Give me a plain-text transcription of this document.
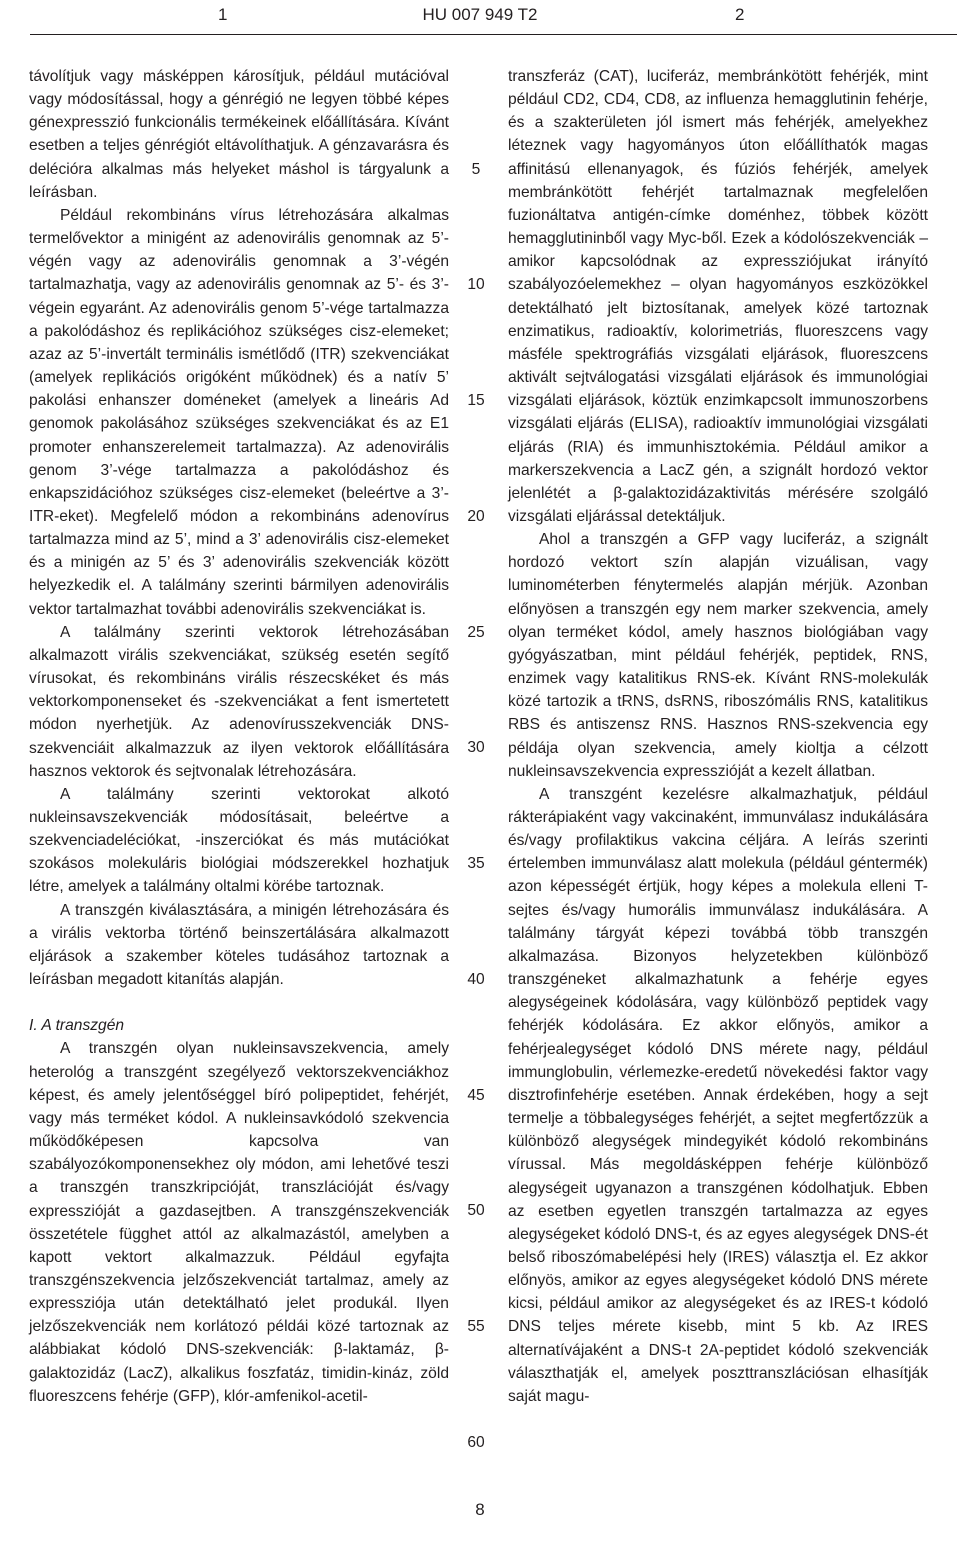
1	HU 007 949 T2	2

távolítjuk vagy másképpen károsítjuk, például mutációval vagy módosítással, hogy a génrégió ne legyen többé képes génexpresszió funkcionális termékeinek előállítására. Kívánt esetben a teljes génrégiót eltávolíthatjuk. A génzavarásra és delécióra alkalmas más helyeket máshol is tárgyalunk a leírásban.

Például rekombináns vírus létrehozására alkalmas termelővektor a minigént az adenovirális genomnak az 5’-végén vagy az adenovirális genomnak a 3’-végén tartalmazhatja, vagy az adenovirális genomnak az 5’- és 3’-végein egyaránt. Az adenovirális genom 5’-vége tartalmazza a pakolódáshoz és replikációhoz szükséges cisz-elemeket; azaz az 5’-invertált terminális ismétlődő (ITR) szekvenciákat (amelyek replikációs origóként működnek) és a natív 5’ pakolási enhanszer doméneket (amelyek a lineáris Ad genomok pakolásához szükséges szekvenciákat és az E1 promoter enhanszerelemeit tartalmazza). Az adenovirális genom 3’-vége tartalmazza a pakolódáshoz és enkapszidációhoz szükséges cisz-elemeket (beleértve a 3’-ITR-eket). Megfelelő módon a rekombináns adenovírus tartalmazza mind az 5’, mind a 3’ adenovirális cisz-elemeket és a minigén az 5’ és 3’ adenovirális szekvenciák között helyezkedik el. A találmány szerinti bármilyen adenovirális vektor tartalmazhat további adenovirális szekvenciákat is.

A találmány szerinti vektorok létrehozásában alkalmazott virális szekvenciákat, szükség esetén segítő vírusokat, és rekombináns virális részecskéket és más vektorkomponenseket és -szekvenciákat a fent ismertetett módon nyerhetjük. Az adenovírusszekvenciák DNS-szekvenciáit alkalmazzuk az ilyen vektorok előállítására hasznos vektorok és sejtvonalak létrehozására.

A találmány szerinti vektorokat alkotó nukleinsavszekvenciák módosításait, beleértve a szekvenciadeléciókat, -inszerciókat és más mutációkat szokásos molekuláris biológiai módszerekkel hozhatjuk létre, amelyek a találmány oltalmi körébe tartoznak.

A transzgén kiválasztására, a minigén létrehozására és a virális vektorba történő beinszertálására alkalmazott eljárások a szakember köteles tudásához tartoznak a leírásban megadott kitanítás alapján.

I. A transzgén

A transzgén olyan nukleinsavszekvencia, amely heterológ a transzgént szegélyező vektorszekvenciákhoz képest, és amely jelentőséggel bíró polipeptidet, fehérjét, vagy más terméket kódol. A nukleinsavkódoló szekvencia működőképesen kapcsolva van szabályozókomponensekhez oly módon, ami lehetővé teszi a transzgén transzkripcióját, transzlációját és/vagy expresszióját a gazdasejtben. A transzgénszekvenciák összetétele függhet attól az alkalmazástól, amelyben a kapott vektort alkalmazzuk. Például egyfajta transzgénszekvencia jelzőszekvenciát tartalmaz, amely az expressziója után detektálható jelet produkál. Ilyen jelzőszekvenciák nem korlátozó példái közé tartoznak az alábbiakat kódoló DNS-szekvenciák: β-laktamáz, β-galaktozidáz (LacZ), alkalikus foszfatáz, timidin-kináz, zöld fluoreszcens fehérje (GFP), klór-amfenikol-acetil-

5
10
15
20
25
30
35
40
45
50
55
60

transzferáz (CAT), luciferáz, membránkötött fehérjék, mint például CD2, CD4, CD8, az influenza hemagglutinin fehérje, és a szakterületen jól ismert más fehérjék, amelyekhez léteznek vagy hagyományos úton előállíthatók magas affinitású ellenanyagok, és fúziós fehérjék, amelyek membránkötött fehérjét tartalmaznak megfelelően fuzionáltatva antigén-címke doménhez, többek között hemagglutininből vagy Myc-ből. Ezek a kódolószekvenciák – amikor kapcsolódnak az expressziójukat irányító szabályozóelemekhez – olyan hagyományos eszközökkel detektálható jelt biztosítanak, amelyek közé tartoznak enzimatikus, radioaktív, kolorimetriás, fluoreszcens vagy másféle spektrográfiás vizsgálati eljárások, fluoreszcens aktivált sejtválogatási vizsgálati eljárások és immunológiai vizsgálati eljárások, köztük enzimkapcsolt immunoszorbens vizsgálati eljárás (ELISA), radioaktív immunológiai vizsgálati eljárás (RIA) és immunhisztokémia. Például amikor a markerszekvencia a LacZ gén, a szignált hordozó vektor jelenlétét a β-galaktozidázaktivitás mérésére szolgáló vizsgálati eljárással detektáljuk.

Ahol a transzgén a GFP vagy luciferáz, a szignált hordozó vektort szín alapján vizuálisan, vagy luminométerben fénytermelés alapján mérjük. Azonban előnyösen a transzgén egy nem marker szekvencia, amely olyan terméket kódol, amely hasznos biológiában vagy gyógyászatban, mint például fehérjék, peptidek, RNS, enzimek vagy katalitikus RNS-ek. Kívánt RNS-molekulák közé tartozik a tRNS, dsRNS, riboszómális RNS, katalitikus RBS és antiszensz RNS. Hasznos RNS-szekvencia egy példája olyan szekvencia, amely kioltja a célzott nukleinsavszekvencia expresszióját a kezelt állatban.

A transzgént kezelésre alkalmazhatjuk, például rákterápiaként vagy vakcinaként, immunválasz indukálására és/vagy profilaktikus vakcina céljára. A leírás szerinti értelemben immunválasz alatt molekula (például géntermék) azon képességét értjük, hogy képes a molekula elleni T-sejtes és/vagy humorális immunválasz indukálására. A találmány tárgyát képezi továbbá több transzgén alkalmazása. Bizonyos helyzetekben különböző transzgéneket alkalmazhatunk a fehérje egyes alegységeinek kódolására, vagy különböző peptidek vagy fehérjék kódolására. Ez akkor előnyös, amikor a fehérjealegységet kódoló DNS mérete nagy, például immunglobulin, vérlemezke-eredetű növekedési faktor vagy disztrofinfehérje esetében. Annak érdekében, hogy a sejt termelje a többalegységes fehérjét, a sejtet megfertőzzük a különböző alegységek mindegyikét kódoló rekombináns vírussal. Más megoldásképpen fehérje különböző alegységeit ugyanazon a transzgénen kódolhatjuk. Ebben az esetben egyetlen transzgén tartalmazza az egyes alegységeket kódoló DNS-t, és az egyes alegységek DNS-ét belső riboszómabelépési hely (IRES) választja el. Ez akkor előnyös, amikor az egyes alegységeket kódoló DNS mérete kicsi, például amikor az alegységeket és az IRES-t kódoló DNS teljes mérete kisebb, mint 5 kb. Az IRES alternatívájaként a DNS-t 2A-peptidet kódoló szekvenciák választhatják el, amelyek poszttranszlációsan elhasítják saját magu-

8
